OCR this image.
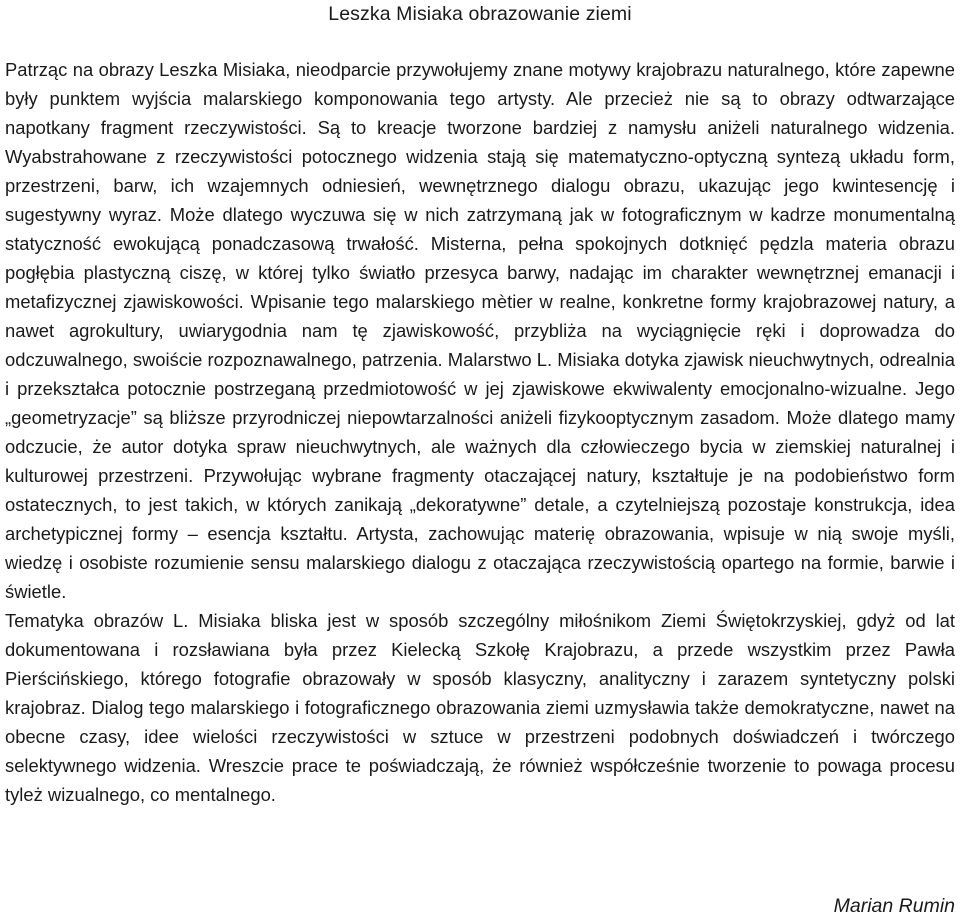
Leszka Misiaka obrazowanie ziemi

Patrząc na obrazy Leszka Misiaka, nieodparcie przywołujemy znane motywy krajobrazu naturalnego, które zapewne były punktem wyjścia malarskiego komponowania tego artysty. Ale przecież nie są to obrazy odtwarzające napotkany fragment rzeczywistości. Są to kreacje tworzone bardziej z namysłu aniżeli naturalnego widzenia. Wyabstrahowane z rzeczywistości potocznego widzenia stają się matematyczno-optyczną syntezą układu form, przestrzeni, barw, ich wzajemnych odniesień, wewnętrznego dialogu obrazu, ukazując jego kwintesencję i sugestywny wyraz. Może dlatego wyczuwa się w nich zatrzymaną jak w fotograficznym w kadrze monumentalną statyczność ewokującą ponadczasową trwałość. Misterna, pełna spokojnych dotknięć pędzla materia obrazu pogłębia plastyczną ciszę, w której tylko światło przesyca barwy, nadając im charakter wewnętrznej emanacji i metafizycznej zjawiskowości. Wpisanie tego malarskiego mètier w realne, konkretne formy krajobrazowej natury, a nawet agrokultury, uwiarygodnia nam tę zjawiskowość, przybliża na wyciągnięcie ręki i doprowadza do odczuwalnego, swoiście rozpoznawalnego, patrzenia. Malarstwo L. Misiaka dotyka zjawisk nieuchwytnych, odrealnia i przekształca potocznie postrzeganą przedmiotowość w jej zjawiskowe ekwiwalenty emocjonalno-wizualne. Jego „geometryzacje” są bliższe przyrodniczej niepowtarzalności aniżeli fizykooptycznym zasadom. Może dlatego mamy odczucie, że autor dotyka spraw nieuchwytnych, ale ważnych dla człowieczego bycia w ziemskiej naturalnej i kulturowej przestrzeni. Przywołując wybrane fragmenty otaczającej natury, kształtuje je na podobieństwo form ostatecznych, to jest takich, w których zanikają „dekoratywne” detale, a czytelniejszą pozostaje konstrukcja, idea archetypicznej formy – esencja kształtu. Artysta, zachowując materię obrazowania, wpisuje w nią swoje myśli, wiedzę i osobiste rozumienie sensu malarskiego dialogu z otaczająca rzeczywistością opartego na formie, barwie i świetle.

Tematyka obrazów L. Misiaka bliska jest w sposób szczególny miłośnikom Ziemi Świętokrzyskiej, gdyż od lat dokumentowana i rozsławiana była przez Kielecką Szkołę Krajobrazu, a przede wszystkim przez Pawła Pierścińskiego, którego fotografie obrazowały w sposób klasyczny, analityczny i zarazem syntetyczny polski krajobraz. Dialog tego malarskiego i fotograficznego obrazowania ziemi uzmysławia także demokratyczne, nawet na obecne czasy, idee wielości rzeczywistości w sztuce w przestrzeni podobnych doświadczeń i twórczego selektywnego widzenia. Wreszcie prace te poświadczają, że również współcześnie tworzenie to powaga procesu tyleż wizualnego, co mentalnego.

Marian Rumin
